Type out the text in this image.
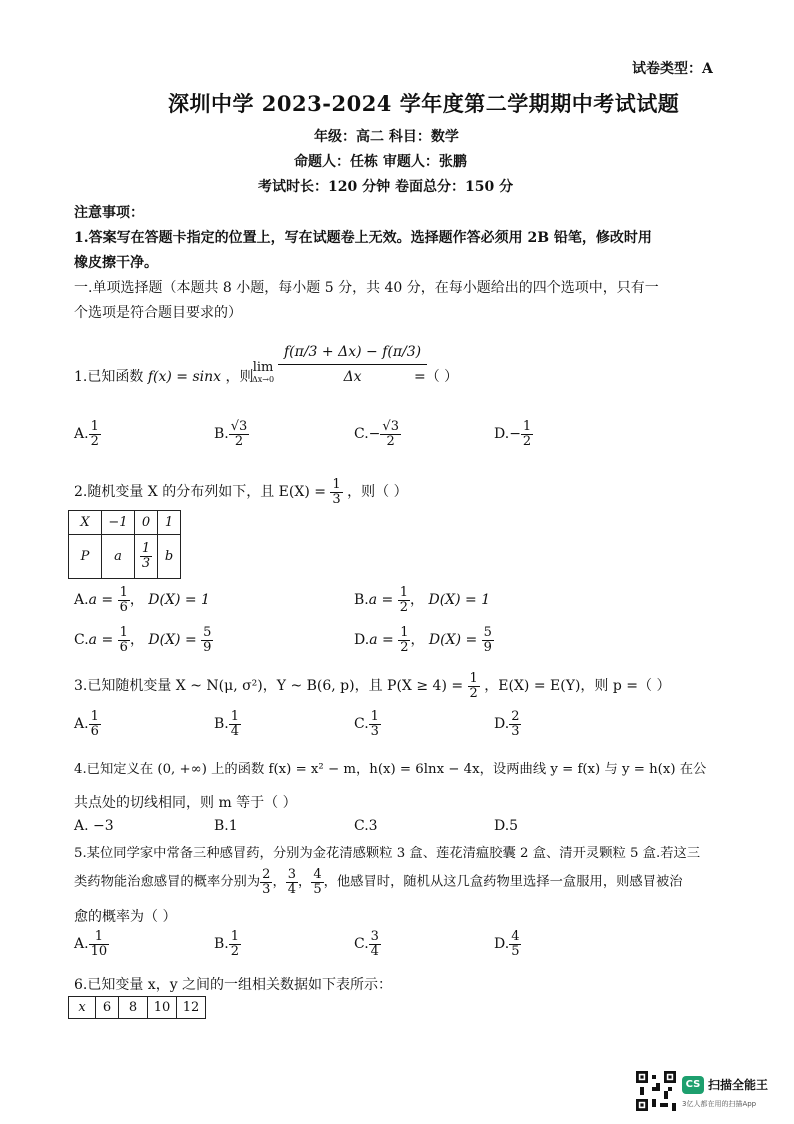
试卷类型：A
深圳中学 2023-2024 学年度第二学期期中考试试题
年级：高二 科目：数学
命题人：任栋 审题人：张鹏
考试时长：120 分钟 卷面总分：150 分
注意事项：
1.答案写在答题卡指定的位置上，写在试题卷上无效。选择题作答必须用 2B 铅笔，修改时用
橡皮擦干净。
一.单项选择题（本题共 8 小题，每小题 5 分，共 40 分，在每小题给出的四个选项中，只有一
个选项是符合题目要求的）
1.已知函数 f(x) = sinx ，则
lim
$\Delta x\to 0 \frac{f(\pi/3 + \Delta x) - f(\pi/3)}{\Delta x}$
=（ ）
A. $\frac{1}{2}$	B. $\frac{√3}{2}$	$C.- \frac{√3}{2}$	$D.- \frac{1}{2}$
2.随机变量 X 的分布列如下，且 $E(X) = \frac{1}{3}$ ，则（ ）
X	−1	0	1
P	a	$\frac{1}{3}$	b
$A.a = \frac{1}{6}$ ， D(X) = 1	$B.a = \frac{1}{2}$ ， D(X) = 1
$C.a = \frac{1}{6}$ ， $D(X) = \frac{5}{9}$	$D.a = \frac{1}{2}$ ， $D(X) = \frac{5}{9}$
3.已知随机变量 X ~ N(μ, σ²)，Y ~ B(6, p)，且 $P(X \ge 4) = \frac{1}{2}$ ，E(X) = E(Y)，则 p =（ ）
A. $\frac{1}{6}$	B. $\frac{1}{4}$	C. $\frac{1}{3}$	D. $\frac{2}{3}$
4.已知定义在 (0, +∞) 上的函数 f(x) = x² − m，h(x) = 6lnx − 4x，设两曲线 y = f(x) 与 y = h(x) 在公
共点处的切线相同，则 m 等于（ ）
A. −3	B.1	C.3	D.5
5.某位同学家中常备三种感冒药，分别为金花清感颗粒 3 盒、莲花清瘟胶囊 2 盒、清开灵颗粒 5 盒.若这三
类药物能治愈感冒的概率分别为 $\frac{2}{3}$ ， $\frac{3}{4}$ ， $\frac{4}{5}$ ，他感冒时，随机从这几盒药物里选择一盒服用，则感冒被治
愈的概率为（ ）
A. $\frac{1}{10}$	B. $\frac{1}{2}$	C. $\frac{3}{4}$	D. $\frac{4}{5}$
6.已知变量 x，y 之间的一组相关数据如下表所示：
x	6	8	10	12
CS 扫描全能王
3亿人都在用的扫描App
